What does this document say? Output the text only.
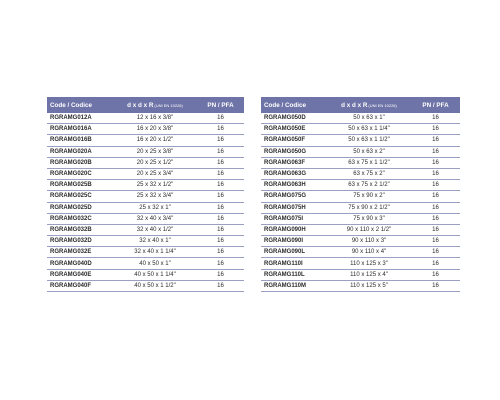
Code / Codice	d x d x R(UNI EN 10226)	PN / PFA
RGRAMG012A	12 x 16 x 3/8"	16
RGRAMG016A	16 x 20 x 3/8"	16
RGRAMG016B	16 x 20 x 1/2"	16
RGRAMG020A	20 x 25 x 3/8"	16
RGRAMG020B	20 x 25 x 1/2"	16
RGRAMG020C	20 x 25 x 3/4"	16
RGRAMG025B	25 x 32 x 1/2"	16
RGRAMG025C	25 x 32 x 3/4"	16
RGRAMG025D	25 x 32 x 1"	16
RGRAMG032C	32 x 40 x 3/4"	16
RGRAMG032B	32 x 40 x 1/2"	16
RGRAMG032D	32 x 40 x 1"	16
RGRAMG032E	32 x 40 x 1 1/4"	16
RGRAMG040D	40 x 50 x 1"	16
RGRAMG040E	40 x 50 x 1 1/4"	16
RGRAMG040F	40 x 50 x 1 1/2"	16
Code / Codice	d x d x R(UNI EN 10226)	PN / PFA
RGRAMG050D	50 x 63 x 1"	16
RGRAMG050E	50 x 63 x 1 1/4"	16
RGRAMG050F	50 x 63 x 1 1/2"	16
RGRAMG050G	50 x 63 x 2"	16
RGRAMG063F	63 x 75 x 1 1/2"	16
RGRAMG063G	63 x 75 x 2"	16
RGRAMG063H	63 x 75 x 2 1/2"	16
RGRAMG075G	75 x 90 x 2"	16
RGRAMG075H	75 x 90 x 2 1/2"	16
RGRAMG075I	75 x 90 x 3"	16
RGRAMG090H	90 x 110 x 2 1/2"	16
RGRAMG090I	90 x 110 x 3"	16
RGRAMG090L	90 x 110 x 4"	16
RGRAMG110I	110 x 125 x 3"	16
RGRAMG110L	110 x 125 x 4"	16
RGRAMG110M	110 x 125 x 5"	16
